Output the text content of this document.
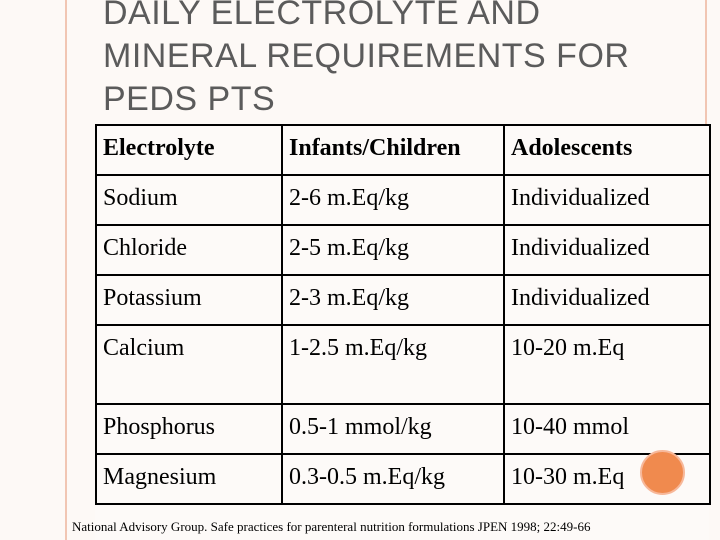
DAILY ELECTROLYTE AND
MINERAL REQUIREMENTS FOR
PEDS PTS
Electrolyte	Infants/Children	Adolescents

Sodium	2-6 m.Eq/kg	Individualized

Chloride	2-5 m.Eq/kg	Individualized

Potassium	2-3 m.Eq/kg	Individualized

Calcium	1-2.5 m.Eq/kg	10-20 m.Eq

Phosphorus	0.5-1 mmol/kg	10-40 mmol

Magnesium	0.3-0.5 m.Eq/kg	10-30 m.Eq
National Advisory Group. Safe practices for parenteral nutrition formulations JPEN 1998; 22:49-66
